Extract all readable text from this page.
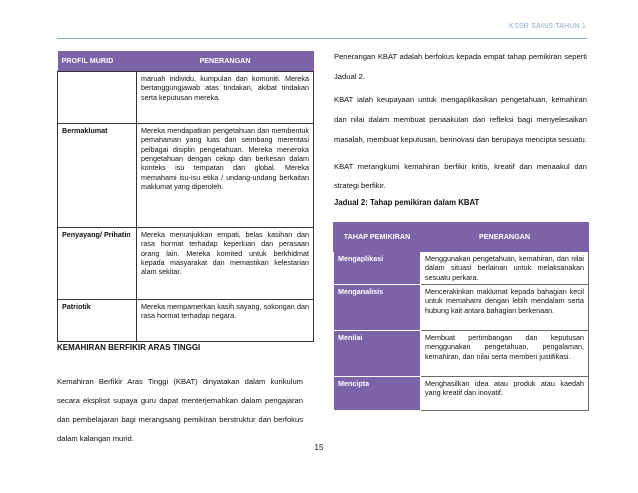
KSSR SAINS TAHUN 1
PROFIL MURID	PENERANGAN
	maruah individu, kumpulan dan komuniti. Mereka bertanggungjawab atas tindakan, akibat tindakan serta keputusan mereka.
Bermaklumat	Mereka mendapatkan pengetahuan dan membentuk pemahaman yang luas dan seimbang merentasi pelbagai disiplin pengetahuan. Mereka meneroka pengetahuan dengan cekap dan berkesan dalam konteks isu tempatan dan global. Mereka memahami isu-isu etika / undang-undang berkaitan maklumat yang diperoleh.
Penyayang/ Prihatin	Mereka menunjukkan empati, belas kasihan dan rasa hormat terhadap keperluan dan perasaan orang lain. Mereka komited untuk berkhidmat kepada masyarakat dan memastikan kelestarian alam sekitar.
Patriotik	Mereka mempamerkan kasih sayang, sokongan dan rasa hormat terhadap negara.
KEMAHIRAN BERFIKIR ARAS TINGGI
Kemahiran Berfikir Aras Tinggi (KBAT) dinyatakan dalam kurikulum secara eksplisit supaya guru dapat menterjemahkan dalam pengajaran dan pembelajaran bagi merangsang pemikiran berstruktur dan berfokus dalam kalangan murid.
Penerangan KBAT adalah berfokus kepada empat tahap pemikiran seperti Jadual 2.
KBAT ialah keupayaan untuk mengaplikasikan pengetahuan, kemahiran dan nilai dalam membuat penaakulan dan refleksi bagi menyelesaikan masalah, membuat keputusan, berinovasi dan berupaya mencipta sesuatu.
KBAT merangkumi kemahiran berfikir kritis, kreatif dan menaakul dan strategi berfikir.
Jadual 2: Tahap pemikiran dalam KBAT
TAHAP PEMIKIRAN	PENERANGAN
Mengaplikasi	Menggunakan pengetahuan, kemahiran, dan nilai dalam situasi berlainan untuk melaksanakan sesuatu perkara.
Menganalisis	Mencerakinkan maklumat kepada bahagian kecil untuk memahami dengan lebih mendalam serta hubung kait antara bahagian berkenaan.
Menilai	Membuat pertimbangan dan keputusan menggunakan pengetahuan, pengalaman, kemahiran, dan nilai serta memberi justifikasi.
Mencipta	Menghasilkan idea atau produk atau kaedah yang kreatif dan inovatif.
15
